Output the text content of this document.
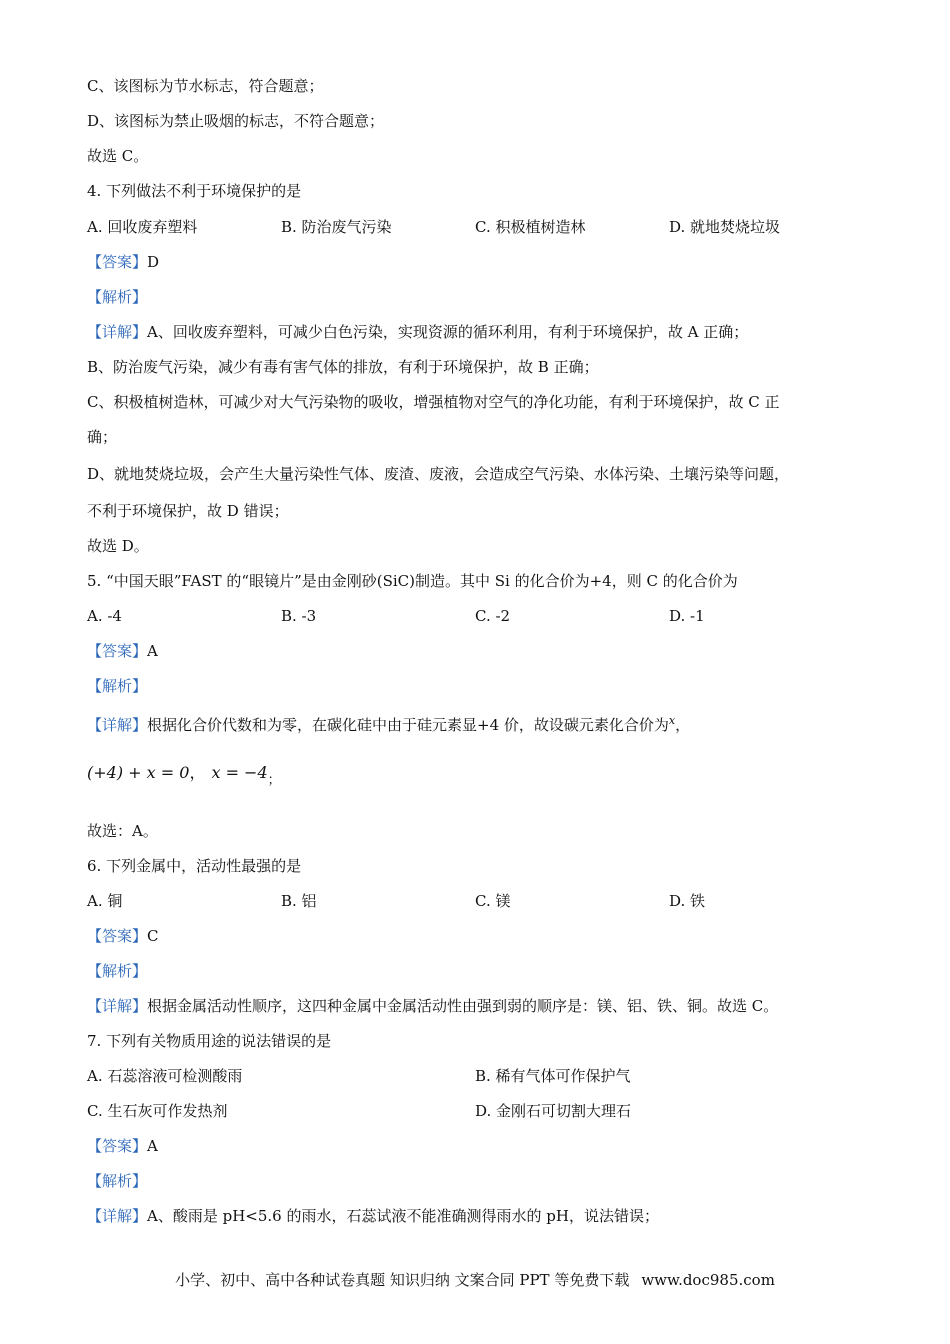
C、该图标为节水标志，符合题意；
D、该图标为禁止吸烟的标志，不符合题意；
故选 C。
4. 下列做法不利于环境保护的是
A. 回收废弃塑料	B. 防治废气污染	C. 积极植树造林	D. 就地焚烧垃圾
【答案】D
【解析】
【详解】A、回收废弃塑料，可减少白色污染，实现资源的循环利用，有利于环境保护，故 A 正确；
B、防治废气污染，减少有毒有害气体的排放，有利于环境保护，故 B 正确；
C、积极植树造林，可减少对大气污染物的吸收，增强植物对空气的净化功能，有利于环境保护，故 C 正
确；
D、就地焚烧垃圾，会产生大量污染性气体、废渣、废液，会造成空气污染、水体污染、土壤污染等问题，
不利于环境保护，故 D 错误；
故选 D。
5. “中国天眼”FAST 的“眼镜片”是由金刚砂(SiC)制造。其中 Si 的化合价为+4，则 C 的化合价为
A. -4	B. -3	C. -2	D. -1
【答案】A
【解析】
【详解】根据化合价代数和为零，在碳化硅中由于硅元素显+4 价，故设碳元素化合价为$^x$，
(+4) + x = 0， $x = -4_;$
故选：A。
6. 下列金属中，活动性最强的是
A. 铜	B. 铝	C. 镁	D. 铁
【答案】C
【解析】
【详解】根据金属活动性顺序，这四种金属中金属活动性由强到弱的顺序是：镁、铝、铁、铜。故选 C。
7. 下列有关物质用途的说法错误的是
A. 石蕊溶液可检测酸雨	B. 稀有气体可作保护气
C. 生石灰可作发热剂	D. 金刚石可切割大理石
【答案】A
【解析】
【详解】A、酸雨是 pH<5.6 的雨水，石蕊试液不能准确测得雨水的 pH，说法错误；
小学、初中、高中各种试卷真题 知识归纳 文案合同 PPT 等免费下载 www.doc985.com
